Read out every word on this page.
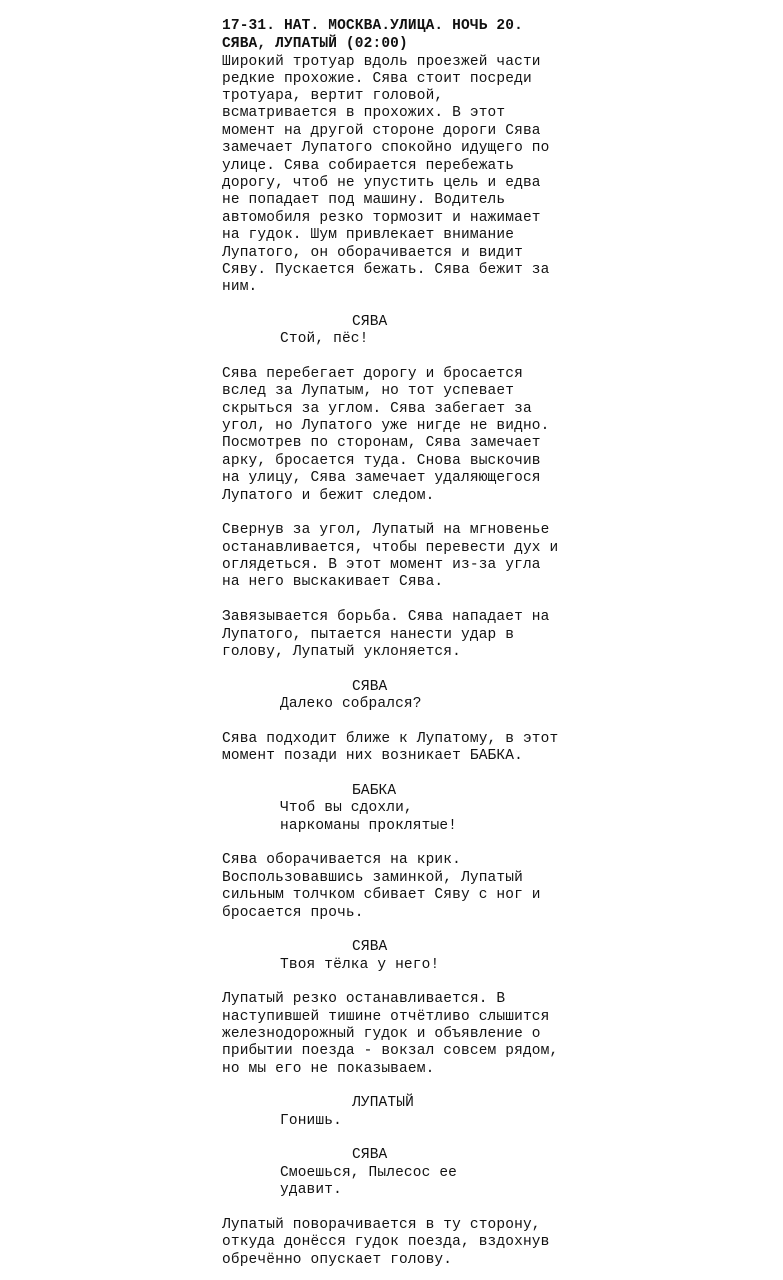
17-31. НАТ. МОСКВА.УЛИЦА. НОЧЬ 20.
СЯВА, ЛУПАТЫЙ (02:00)
Широкий тротуар вдоль проезжей части
редкие прохожие. Сява стоит посреди
тротуара, вертит головой,
всматривается в прохожих. В этот
момент на другой стороне дороги Сява
замечает Лупатого спокойно идущего по
улице. Сява собирается перебежать
дорогу, чтоб не упустить цель и едва
не попадает под машину. Водитель
автомобиля резко тормозит и нажимает
на гудок. Шум привлекает внимание
Лупатого, он оборачивается и видит
Сяву. Пускается бежать. Сява бежит за
ним.
СЯВА
Стой, пёс!
Сява перебегает дорогу и бросается
вслед за Лупатым, но тот успевает
скрыться за углом. Сява забегает за
угол, но Лупатого уже нигде не видно.
Посмотрев по сторонам, Сява замечает
арку, бросается туда. Снова выскочив
на улицу, Сява замечает удаляющегося
Лупатого и бежит следом.
Свернув за угол, Лупатый на мгновенье
останавливается, чтобы перевести дух и
оглядеться. В этот момент из-за угла
на него выскакивает Сява.
Завязывается борьба. Сява нападает на
Лупатого, пытается нанести удар в
голову, Лупатый уклоняется.
СЯВА
Далеко собрался?
Сява подходит ближе к Лупатому, в этот
момент позади них возникает БАБКА.
БАБКА
Чтоб вы сдохли,
наркоманы проклятые!
Сява оборачивается на крик.
Воспользовавшись заминкой, Лупатый
сильным толчком сбивает Сяву с ног и
бросается прочь.
СЯВА
Твоя тёлка у него!
Лупатый резко останавливается. В
наступившей тишине отчётливо слышится
железнодорожный гудок и объявление о
прибытии поезда - вокзал совсем рядом,
но мы его не показываем.
ЛУПАТЫЙ
Гонишь.
СЯВА
Смоешься, Пылесос ее
удавит.
Лупатый поворачивается в ту сторону,
откуда донёсся гудок поезда, вздохнув
обречённо опускает голову.
